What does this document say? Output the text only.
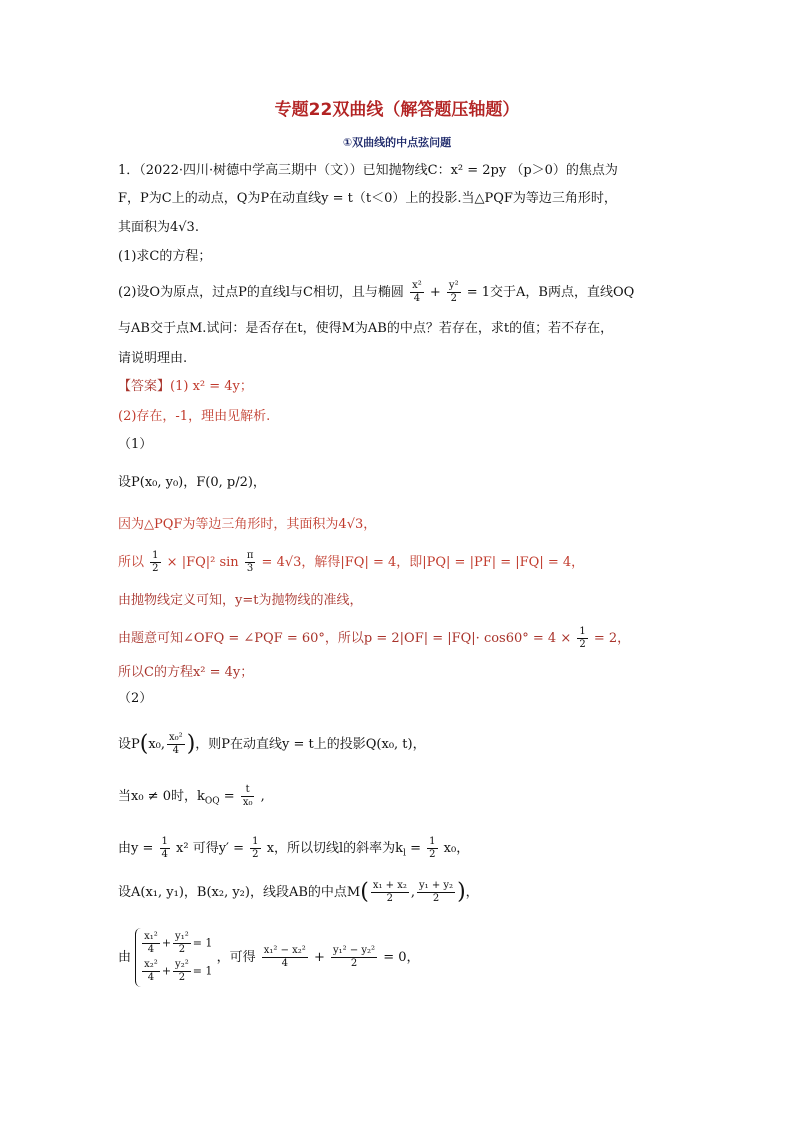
专题22双曲线（解答题压轴题）
①双曲线的中点弦问题
1．（2022·四川·树德中学高三期中（文））已知抛物线C：x² = 2py （p＞0）的焦点为
F，P为C上的动点，Q为P在动直线y = t（t＜0）上的投影.当△PQF为等边三角形时，
其面积为4√3.
(1)求C的方程；
(2)设O为原点，过点P的直线l与C相切，且与椭圆 $\frac{\text{x²}}{4} + \frac{\text{y²}}{2} = 1$交于A，B两点，直线OQ
与AB交于点M.试问：是否存在t，使得M为AB的中点？若存在，求t的值；若不存在，
请说明理由.
【答案】(1) x² = 4y；
(2)存在，-1，理由见解析.
（1）
设P(x₀, y₀)，F(0, p/2)，
因为△PQF为等边三角形时，其面积为4√3，
所以 $\frac{1}{2} \times |FQ|^2$ $\sin \frac{\pi}{3} = 4√3$，解得|FQ| = 4，即|PQ| = |PF| = |FQ| = 4，
由抛物线定义可知，y=t为抛物线的准线，
由题意可知∠OFQ = ∠PQF = 60°，所以$p = 2|OF| = |FQ|\cdot \cos 60^\circ = 4 \times \frac{1}{2} = 2$，
所以C的方程x² = 4y；
（2）
设P(x₀, $\frac{\text{x₀²}}{4}$ )，则P在动直线y = t上的投影Q(x₀, t)，
当x₀ ≠ 0时，$k_{OQ} = \frac{t}{\text{x₀}}$ ,
由$y = \frac{1}{4} x^2$ 可得$y' = \frac{1}{2}$ x，所以切线l的斜率为$k_l = \frac{1}{2} x_0$，
设A(x₁, y₁)，B(x₂, y₂)，线段AB的中点$M( \frac{\text{x₁ + x₂}}{2}$ , $\frac{\text{y₁ + y₂}}{2}$ )，
由
$\frac{\text{x₁²}}{4} + \frac{\text{y₁²}}{2} = 1$
$\frac{\text{x₂²}}{4} + \frac{\text{y₂²}}{2} = 1$
，可得 $\frac{\text{x₁² − x₂²}}{4} + \frac{\text{y₁² − y₂²}}{2} = 0$，
